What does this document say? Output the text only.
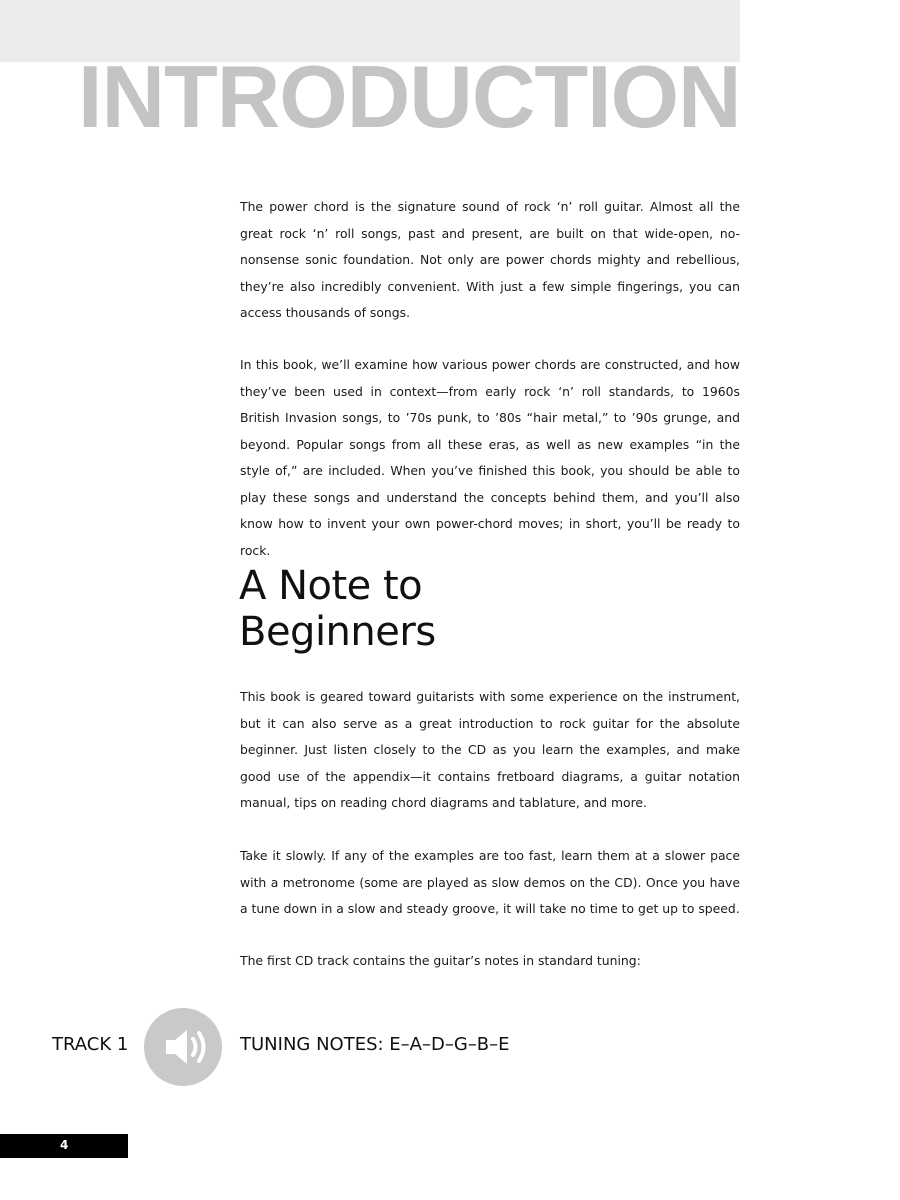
INTRODUCTION

The power chord is the signature sound of rock ‘n’ roll guitar. Almost all the great rock ‘n’ roll songs, past and present, are built on that wide-open, no-nonsense sonic foundation. Not only are power chords mighty and rebellious, they’re also incredibly convenient. With just a few simple fingerings, you can access thousands of songs.

In this book, we’ll examine how various power chords are constructed, and how they’ve been used in context—from early rock ‘n’ roll standards, to 1960s British Invasion songs, to ’70s punk, to ’80s “hair metal,” to ’90s grunge, and beyond. Popular songs from all these eras, as well as new examples “in the style of,” are included. When you’ve finished this book, you should be able to play these songs and understand the concepts behind them, and you’ll also know how to invent your own power-chord moves; in short, you’ll be ready to rock.

A Note to
Beginners

This book is geared toward guitarists with some experience on the instrument, but it can also serve as a great introduction to rock guitar for the absolute beginner. Just listen closely to the CD as you learn the examples, and make good use of the appendix—it contains fretboard diagrams, a guitar notation manual, tips on reading chord diagrams and tablature, and more.

Take it slowly. If any of the examples are too fast, learn them at a slower pace with a metronome (some are played as slow demos on the CD). Once you have a tune down in a slow and steady groove, it will take no time to get up to speed.

The first CD track contains the guitar’s notes in standard tuning:

TRACK 1	TUNING NOTES: E–A–D–G–B–E
4
